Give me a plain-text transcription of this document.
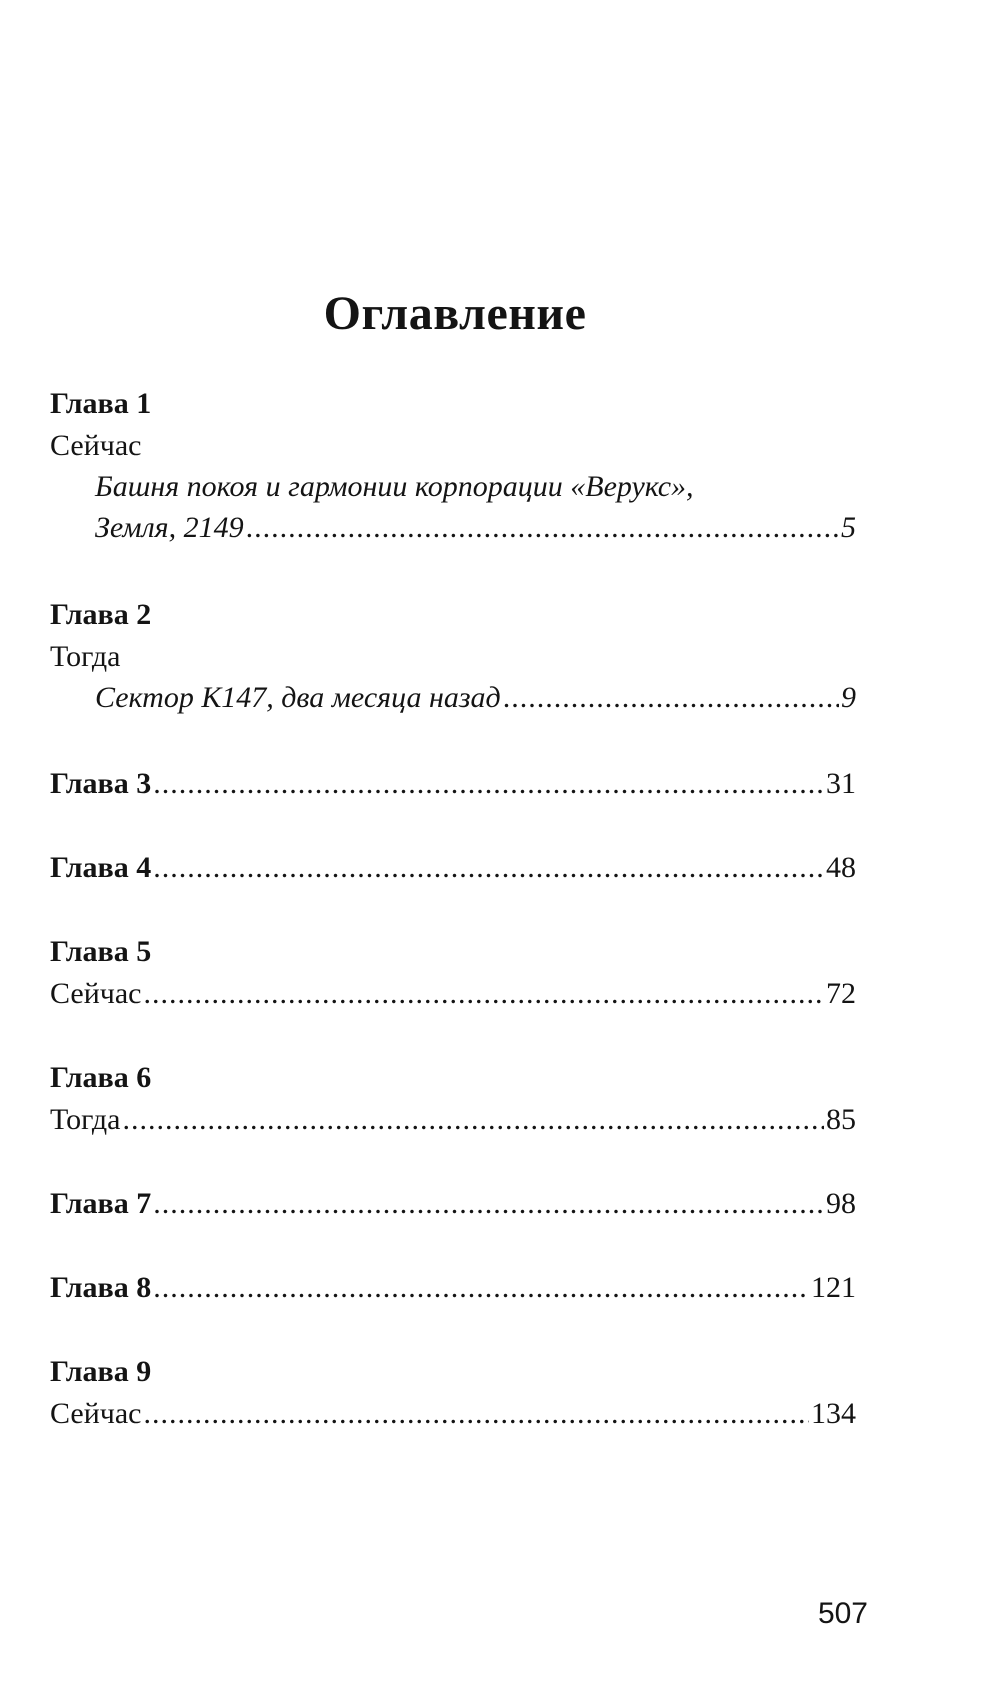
Оглавление
Глава 1
Сейчас
Башня покоя и гармонии корпорации «Верукс»,
Земля, 2149 .....	5
Глава 2
Тогда
Сектор К147, два месяца назад .....	9
Глава 3 .....	31
Глава 4 .....	48
Глава 5
Сейчас .....	72
Глава 6
Тогда .....	85
Глава 7 .....	98
Глава 8 .....	121
Глава 9
Сейчас .....	134
507
